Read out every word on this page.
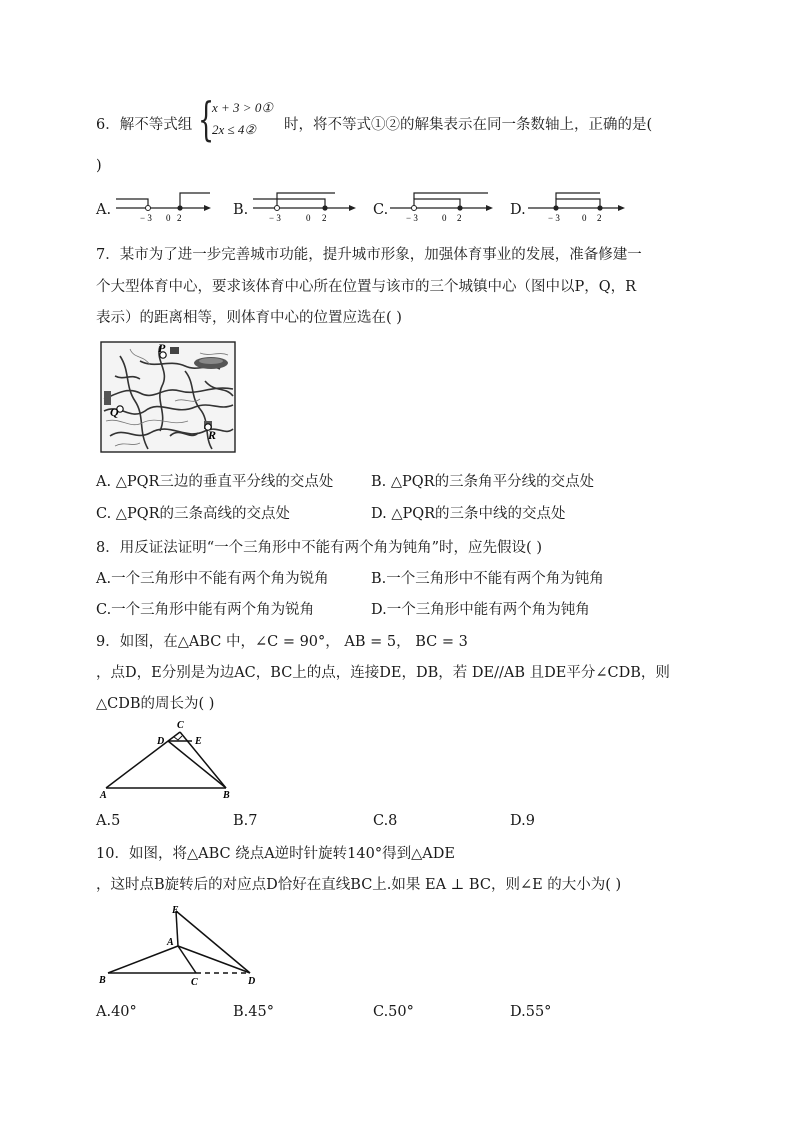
6．解不等式组 {
x + 3 > 0①
2x ≤ 4② 时，将不等式①②的解集表示在同一条数轴上，正确的是(
)
A.	− 3 0 2	B. − 3	0 2	C. − 3	0 2	D. − 3 0 2
7．某市为了进一步完善城市功能，提升城市形象，加强体育事业的发展，准备修建一
个大型体育中心，要求该体育中心所在位置与该市的三个城镇中心（图中以P，Q，R
表示）的距离相等，则体育中心的位置应选在( )
P
Q
R
A. △PQR三边的垂直平分线的交点处	B. △PQR的三条角平分线的交点处
C. △PQR的三条高线的交点处	D. △PQR的三条中线的交点处
8．用反证法证明“一个三角形中不能有两个角为钝角”时，应先假设( )
A.一个三角形中不能有两个角为锐角	B.一个三角形中不能有两个角为钝角
C.一个三角形中能有两个角为锐角	D.一个三角形中能有两个角为钝角
9．如图，在△ABC 中，∠C = 90°， AB = 5， BC = 3
，点D，E分别是为边AC，BC上的点，连接DE，DB，若 DE//AB 且DE平分∠CDB，则
△CDB的周长为( )
C
D	E
A	B
A.5	B.7	C.8	D.9
10．如图，将△ABC 绕点A逆时针旋转140°得到△ADE
，这时点B旋转后的对应点D恰好在直线BC上.如果 EA ⊥ BC，则∠E 的大小为( )
E
A
B	C	D
A.40°	B.45°	C.50°	D.55°
